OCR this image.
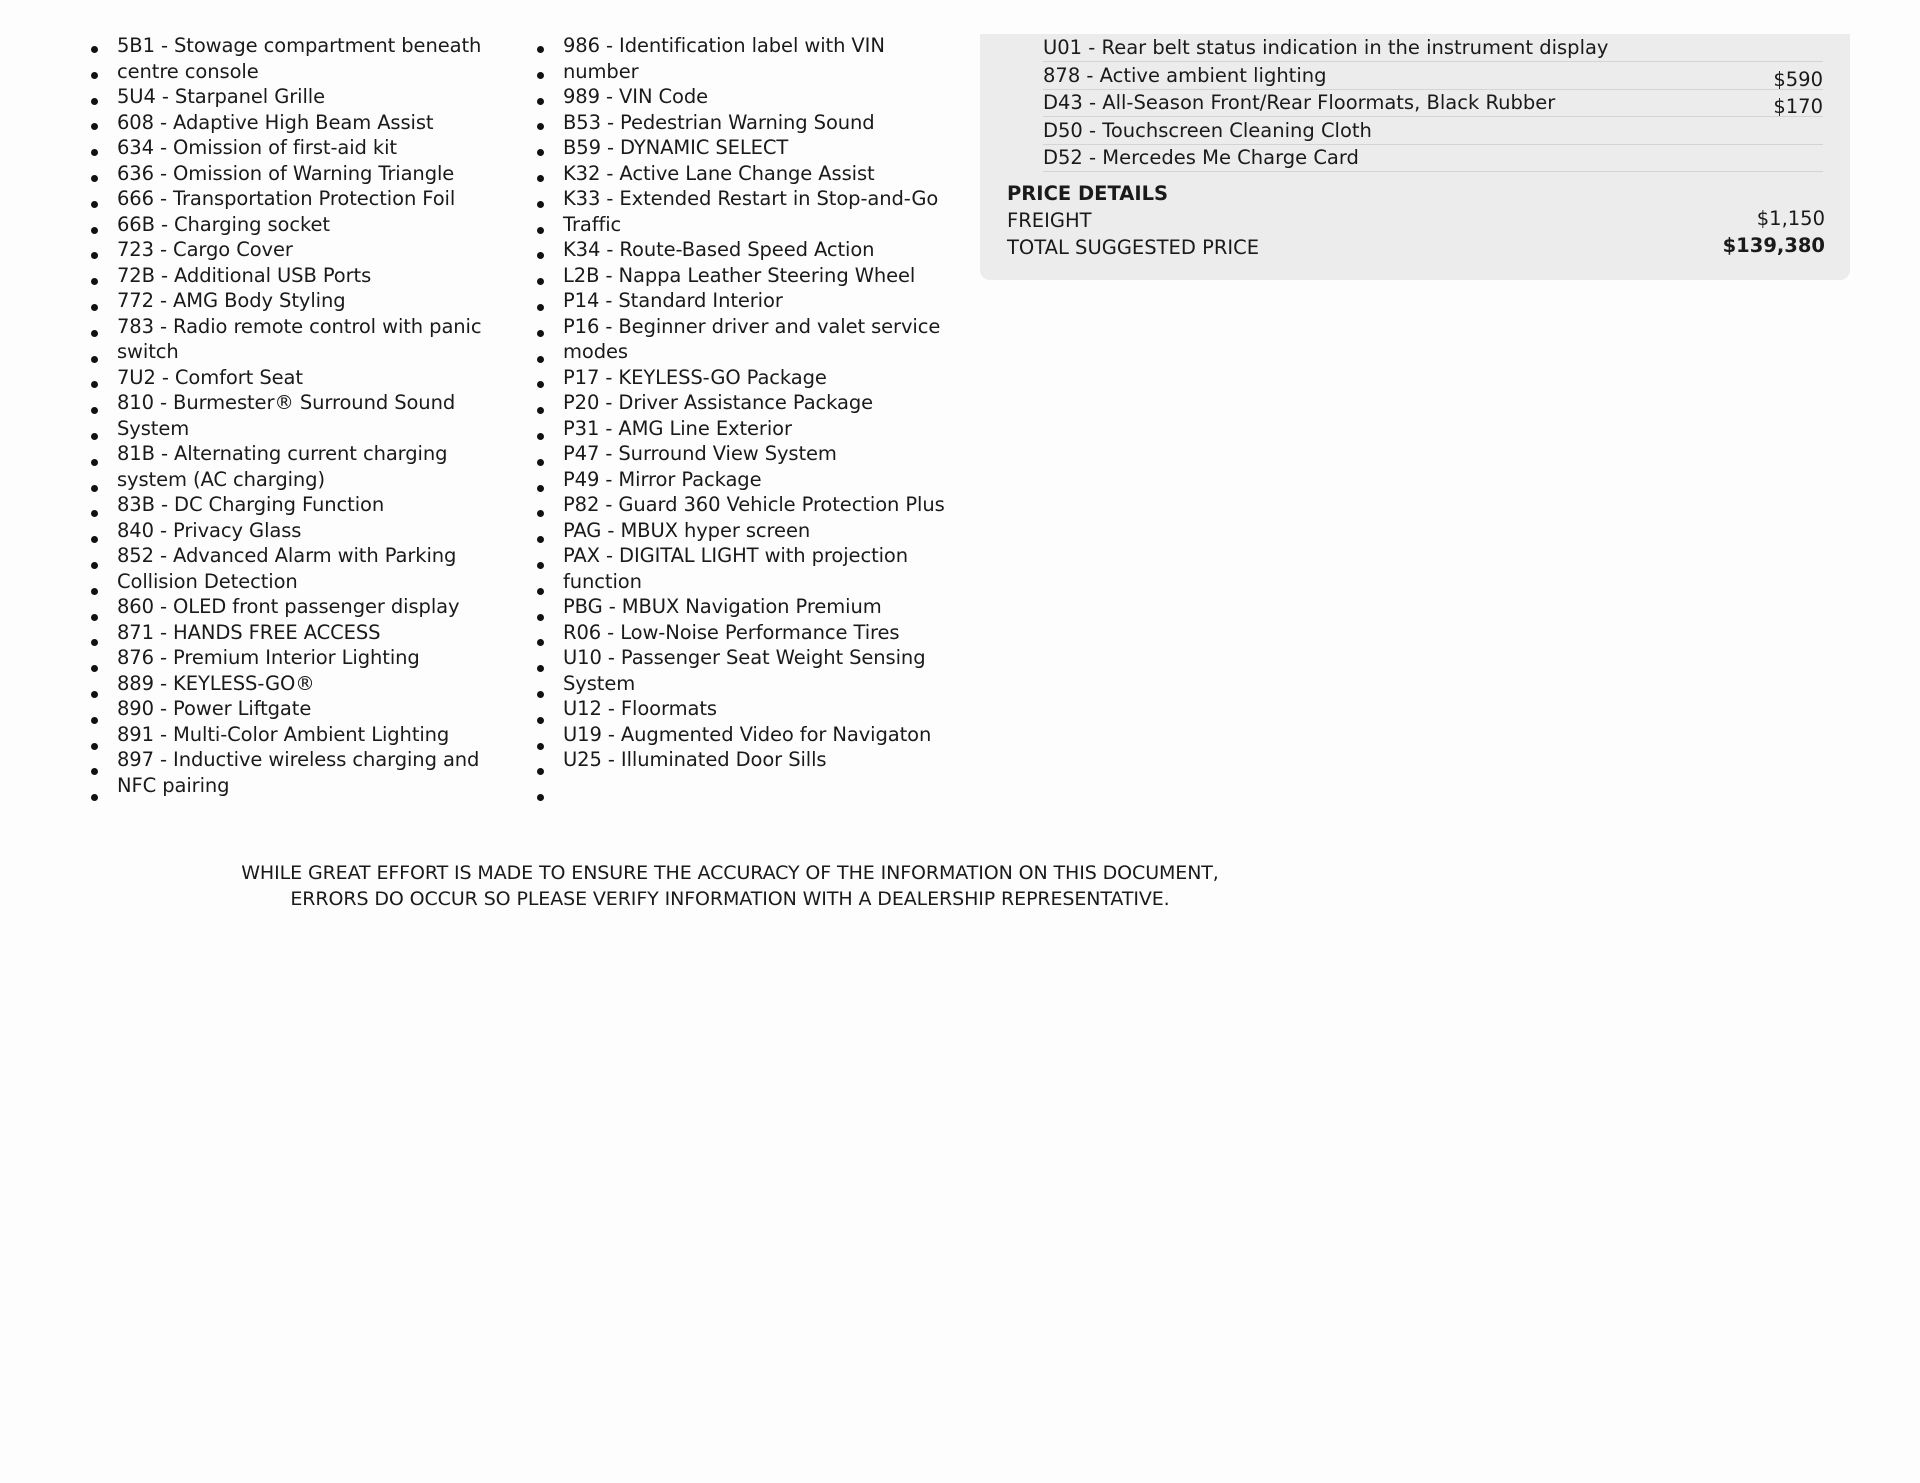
5B1 - Stowage compartment beneath centre console

5U4 - Starpanel Grille

608 - Adaptive High Beam Assist

634 - Omission of first-aid kit

636 - Omission of Warning Triangle

666 - Transportation Protection Foil

66B - Charging socket

723 - Cargo Cover

72B - Additional USB Ports

772 - AMG Body Styling

783 - Radio remote control with panic switch

7U2 - Comfort Seat

810 - Burmester® Surround Sound System

81B - Alternating current charging system (AC charging)

83B - DC Charging Function

840 - Privacy Glass

852 - Advanced Alarm with Parking Collision Detection

860 - OLED front passenger display

871 - HANDS FREE ACCESS

876 - Premium Interior Lighting

889 - KEYLESS-GO®

890 - Power Liftgate

891 - Multi-Color Ambient Lighting

897 - Inductive wireless charging and NFC pairing

986 - Identification label with VIN number

989 - VIN Code

B53 - Pedestrian Warning Sound

B59 - DYNAMIC SELECT

K32 - Active Lane Change Assist

K33 - Extended Restart in Stop-and-Go Traffic

K34 - Route-Based Speed Action

L2B - Nappa Leather Steering Wheel

P14 - Standard Interior

P16 - Beginner driver and valet service modes

P17 - KEYLESS-GO Package

P20 - Driver Assistance Package

P31 - AMG Line Exterior

P47 - Surround View System

P49 - Mirror Package

P82 - Guard 360 Vehicle Protection Plus

PAG - MBUX hyper screen

PAX - DIGITAL LIGHT with projection function

PBG - MBUX Navigation Premium

R06 - Low-Noise Performance Tires

U10 - Passenger Seat Weight Sensing System

U12 - Floormats

U19 - Augmented Video for Navigaton

U25 - Illuminated Door Sills

U01 - Rear belt status indication in the instrument display
878 - Active ambient lighting	$590
D43 - All-Season Front/Rear Floormats, Black Rubber	$170
D50 - Touchscreen Cleaning Cloth
D52 - Mercedes Me Charge Card
PRICE DETAILS
FREIGHT	$1,150
TOTAL SUGGESTED PRICE	$139,380
WHILE GREAT EFFORT IS MADE TO ENSURE THE ACCURACY OF THE INFORMATION ON THIS DOCUMENT, ERRORS DO OCCUR SO PLEASE VERIFY INFORMATION WITH A DEALERSHIP REPRESENTATIVE.
